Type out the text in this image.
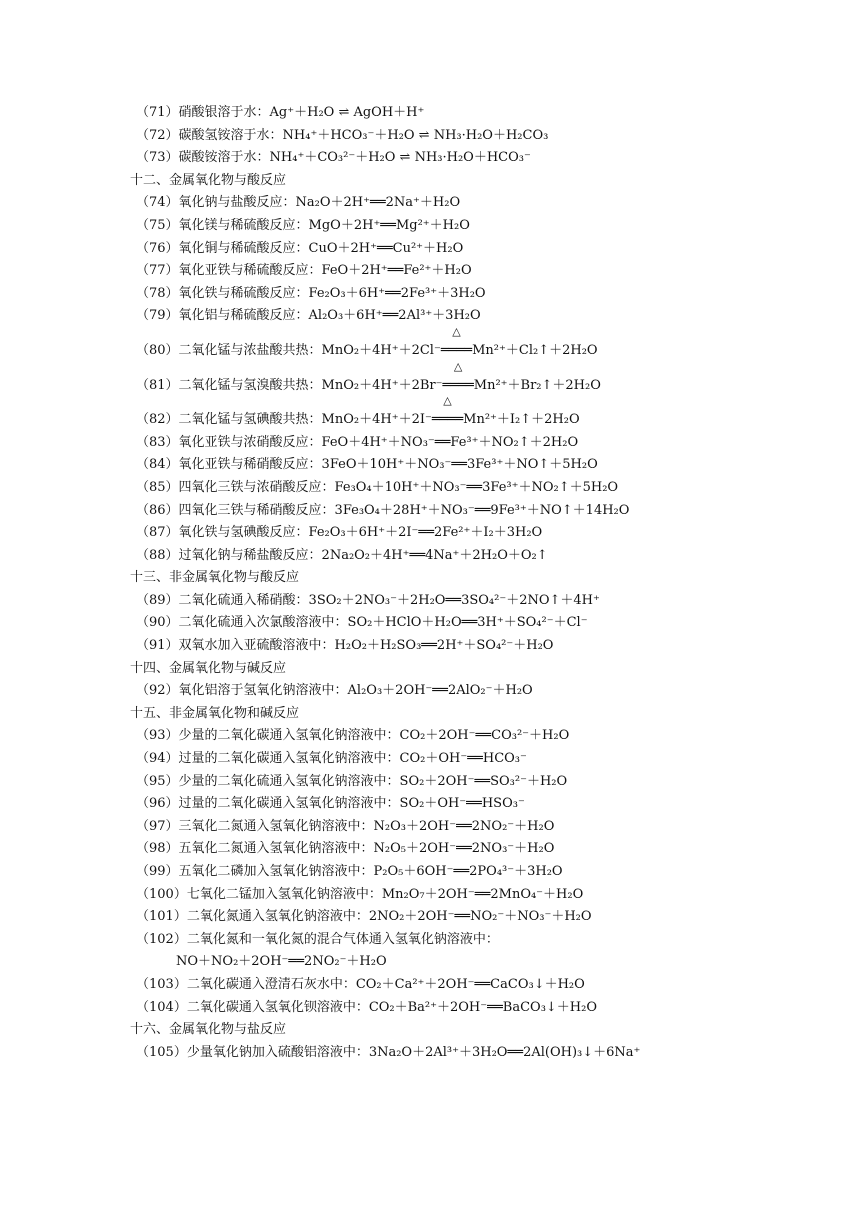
（71）硝酸银溶于水：Ag⁺＋H₂O ⇌ AgOH＋H⁺
（72）碳酸氢铵溶于水：NH₄⁺＋HCO₃⁻＋H₂O ⇌ NH₃·H₂O＋H₂CO₃
（73）碳酸铵溶于水：NH₄⁺＋CO₃²⁻＋H₂O ⇌ NH₃·H₂O＋HCO₃⁻
十二、金属氧化物与酸反应
（74）氧化钠与盐酸反应：Na₂O＋2H⁺══2Na⁺＋H₂O
（75）氧化镁与稀硫酸反应：MgO＋2H⁺══Mg²⁺＋H₂O
（76）氧化铜与稀硫酸反应：CuO＋2H⁺══Cu²⁺＋H₂O
（77）氧化亚铁与稀硫酸反应：FeO＋2H⁺══Fe²⁺＋H₂O
（78）氧化铁与稀硫酸反应：Fe₂O₃＋6H⁺══2Fe³⁺＋3H₂O
（79）氧化铝与稀硫酸反应：Al₂O₃＋6H⁺══2Al³⁺＋3H₂O
（80）二氧化锰与浓盐酸共热：MnO₂＋4H⁺＋2Cl⁻
△
════Mn²⁺＋Cl₂↑＋2H₂O
（81）二氧化锰与氢溴酸共热：MnO₂＋4H⁺＋2Br⁻
△
════Mn²⁺＋Br₂↑＋2H₂O
（82）二氧化锰与氢碘酸共热：MnO₂＋4H⁺＋2I⁻
△
════Mn²⁺＋I₂↑＋2H₂O
（83）氧化亚铁与浓硝酸反应：FeO＋4H⁺＋NO₃⁻══Fe³⁺＋NO₂↑＋2H₂O
（84）氧化亚铁与稀硝酸反应：3FeO＋10H⁺＋NO₃⁻══3Fe³⁺＋NO↑＋5H₂O
（85）四氧化三铁与浓硝酸反应：Fe₃O₄＋10H⁺＋NO₃⁻══3Fe³⁺＋NO₂↑＋5H₂O
（86）四氧化三铁与稀硝酸反应：3Fe₃O₄＋28H⁺＋NO₃⁻══9Fe³⁺＋NO↑＋14H₂O
（87）氧化铁与氢碘酸反应：Fe₂O₃＋6H⁺＋2I⁻══2Fe²⁺＋I₂＋3H₂O
（88）过氧化钠与稀盐酸反应：2Na₂O₂＋4H⁺══4Na⁺＋2H₂O＋O₂↑
十三、非金属氧化物与酸反应
（89）二氧化硫通入稀硝酸：3SO₂＋2NO₃⁻＋2H₂O══3SO₄²⁻＋2NO↑＋4H⁺
（90）二氧化硫通入次氯酸溶液中：SO₂＋HClO＋H₂O══3H⁺＋SO₄²⁻＋Cl⁻
（91）双氧水加入亚硫酸溶液中：H₂O₂＋H₂SO₃══2H⁺＋SO₄²⁻＋H₂O
十四、金属氧化物与碱反应
（92）氧化铝溶于氢氧化钠溶液中：Al₂O₃＋2OH⁻══2AlO₂⁻＋H₂O
十五、非金属氧化物和碱反应
（93）少量的二氧化碳通入氢氧化钠溶液中：CO₂＋2OH⁻══CO₃²⁻＋H₂O
（94）过量的二氧化碳通入氢氧化钠溶液中：CO₂＋OH⁻══HCO₃⁻
（95）少量的二氧化硫通入氢氧化钠溶液中：SO₂＋2OH⁻══SO₃²⁻＋H₂O
（96）过量的二氧化碳通入氢氧化钠溶液中：SO₂＋OH⁻══HSO₃⁻
（97）三氧化二氮通入氢氧化钠溶液中：N₂O₃＋2OH⁻══2NO₂⁻＋H₂O
（98）五氧化二氮通入氢氧化钠溶液中：N₂O₅＋2OH⁻══2NO₃⁻＋H₂O
（99）五氧化二磷加入氢氧化钠溶液中：P₂O₅＋6OH⁻══2PO₄³⁻＋3H₂O
（100）七氧化二锰加入氢氧化钠溶液中：Mn₂O₇＋2OH⁻══2MnO₄⁻＋H₂O
（101）二氧化氮通入氢氧化钠溶液中：2NO₂＋2OH⁻══NO₂⁻＋NO₃⁻＋H₂O
（102）二氧化氮和一氧化氮的混合气体通入氢氧化钠溶液中：
NO＋NO₂＋2OH⁻══2NO₂⁻＋H₂O
（103）二氧化碳通入澄清石灰水中：CO₂＋Ca²⁺＋2OH⁻══CaCO₃↓＋H₂O
（104）二氧化碳通入氢氧化钡溶液中：CO₂＋Ba²⁺＋2OH⁻══BaCO₃↓＋H₂O
十六、金属氧化物与盐反应
（105）少量氧化钠加入硫酸铝溶液中：3Na₂O＋2Al³⁺＋3H₂O══2Al(OH)₃↓＋6Na⁺
